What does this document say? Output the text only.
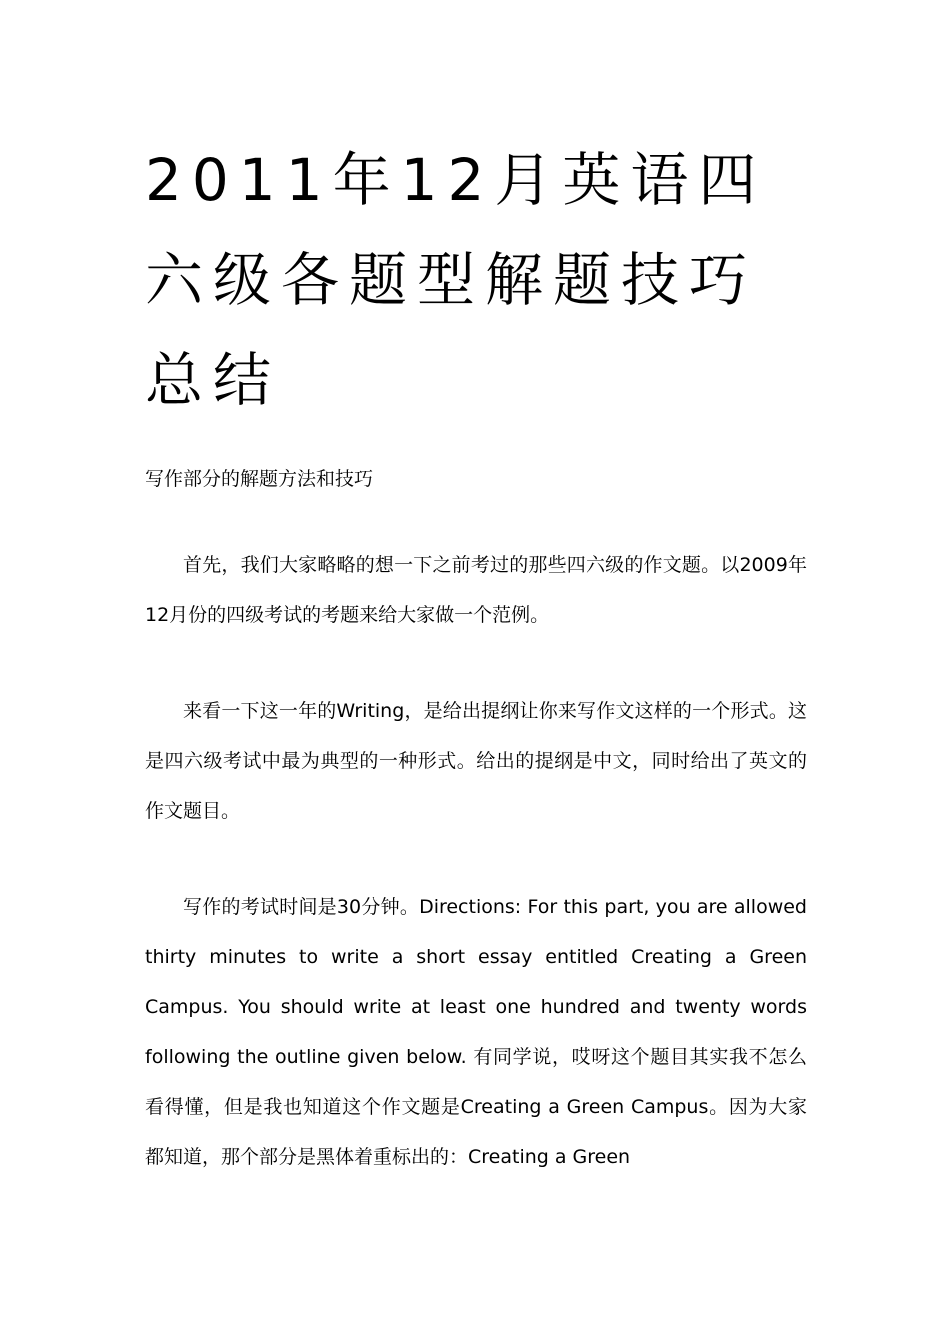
2011年12月英语四六级各题型解题技巧总结

写作部分的解题方法和技巧

首先，我们大家略略的想一下之前考过的那些四六级的作文题。以2009年12月份的四级考试的考题来给大家做一个范例。

来看一下这一年的Writing，是给出提纲让你来写作文这样的一个形式。这是四六级考试中最为典型的一种形式。给出的提纲是中文，同时给出了英文的作文题目。

写作的考试时间是30分钟。Directions: For this part, you are allowed thirty minutes to write a short essay entitled Creating a Green Campus. You should write at least one hundred and twenty words following the outline given below. 有同学说，哎呀这个题目其实我不怎么看得懂，但是我也知道这个作文题是Creating a Green Campus。因为大家都知道，那个部分是黑体着重标出的：Creating a Green
